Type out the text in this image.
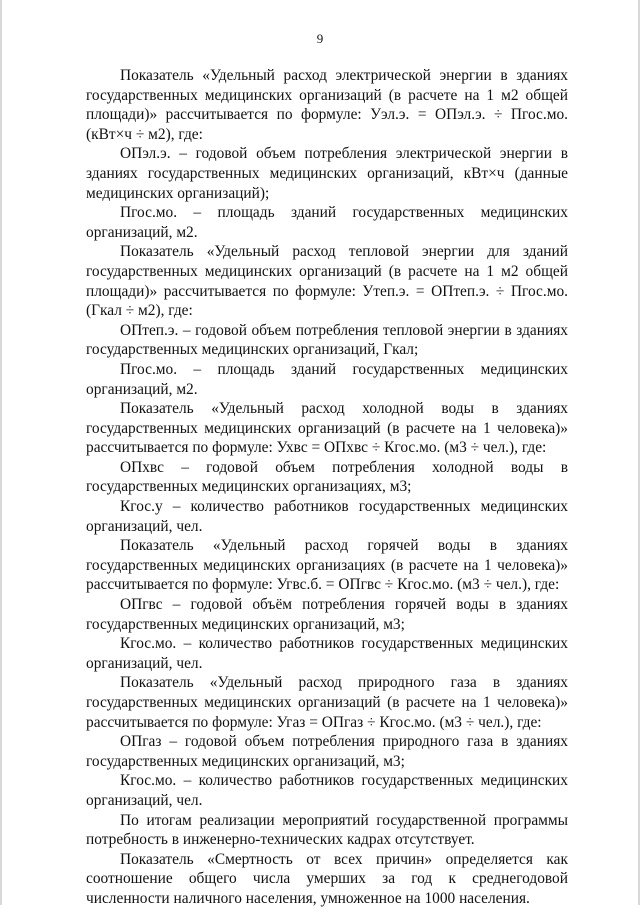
9

Показатель «Удельный расход электрической энергии в зданиях государственных медицинских организаций (в расчете на 1 м2 общей площади)» рассчитывается по формуле: Уэл.э. = ОПэл.э. ÷ Пгос.мо. (кВт×ч ÷ м2), где:

ОПэл.э. – годовой объем потребления электрической энергии в зданиях государственных медицинских организаций, кВт×ч (данные медицинских организаций);

Пгос.мо. – площадь зданий государственных медицинских организаций, м2.

Показатель «Удельный расход тепловой энергии для зданий государственных медицинских организаций (в расчете на 1 м2 общей площади)» рассчитывается по формуле: Утеп.э. = ОПтеп.э. ÷ Пгос.мо. (Гкал ÷ м2), где:

ОПтеп.э. – годовой объем потребления тепловой энергии в зданиях государственных медицинских организаций, Гкал;

Пгос.мо. – площадь зданий государственных медицинских организаций, м2.

Показатель «Удельный расход холодной воды в зданиях государственных медицинских организаций (в расчете на 1 человека)» рассчитывается по формуле: Ухвс = ОПхвс ÷ Кгос.мо. (м3 ÷ чел.), где:

ОПхвс – годовой объем потребления холодной воды в государственных медицинских организациях, м3;

Кгос.у – количество работников государственных медицинских организаций, чел.

Показатель «Удельный расход горячей воды в зданиях государственных медицинских организациях (в расчете на 1 человека)» рассчитывается по формуле: Угвс.б. = ОПгвс ÷ Кгос.мо. (м3 ÷ чел.), где:

ОПгвс – годовой объём потребления горячей воды в зданиях государственных медицинских организаций, м3;

Кгос.мо. – количество работников государственных медицинских организаций, чел.

Показатель «Удельный расход природного газа в зданиях государственных медицинских организаций (в расчете на 1 человека)» рассчитывается по формуле: Угаз = ОПгаз ÷ Кгос.мо. (м3 ÷ чел.), где:

ОПгаз – годовой объем потребления природного газа в зданиях государственных медицинских организаций, м3;

Кгос.мо. – количество работников государственных медицинских организаций, чел.

По итогам реализации мероприятий государственной программы потребность в инженерно-технических кадрах отсутствует.

Показатель «Смертность от всех причин» определяется как соотношение общего числа умерших за год к среднегодовой численности наличного населения, умноженное на 1000 населения.
